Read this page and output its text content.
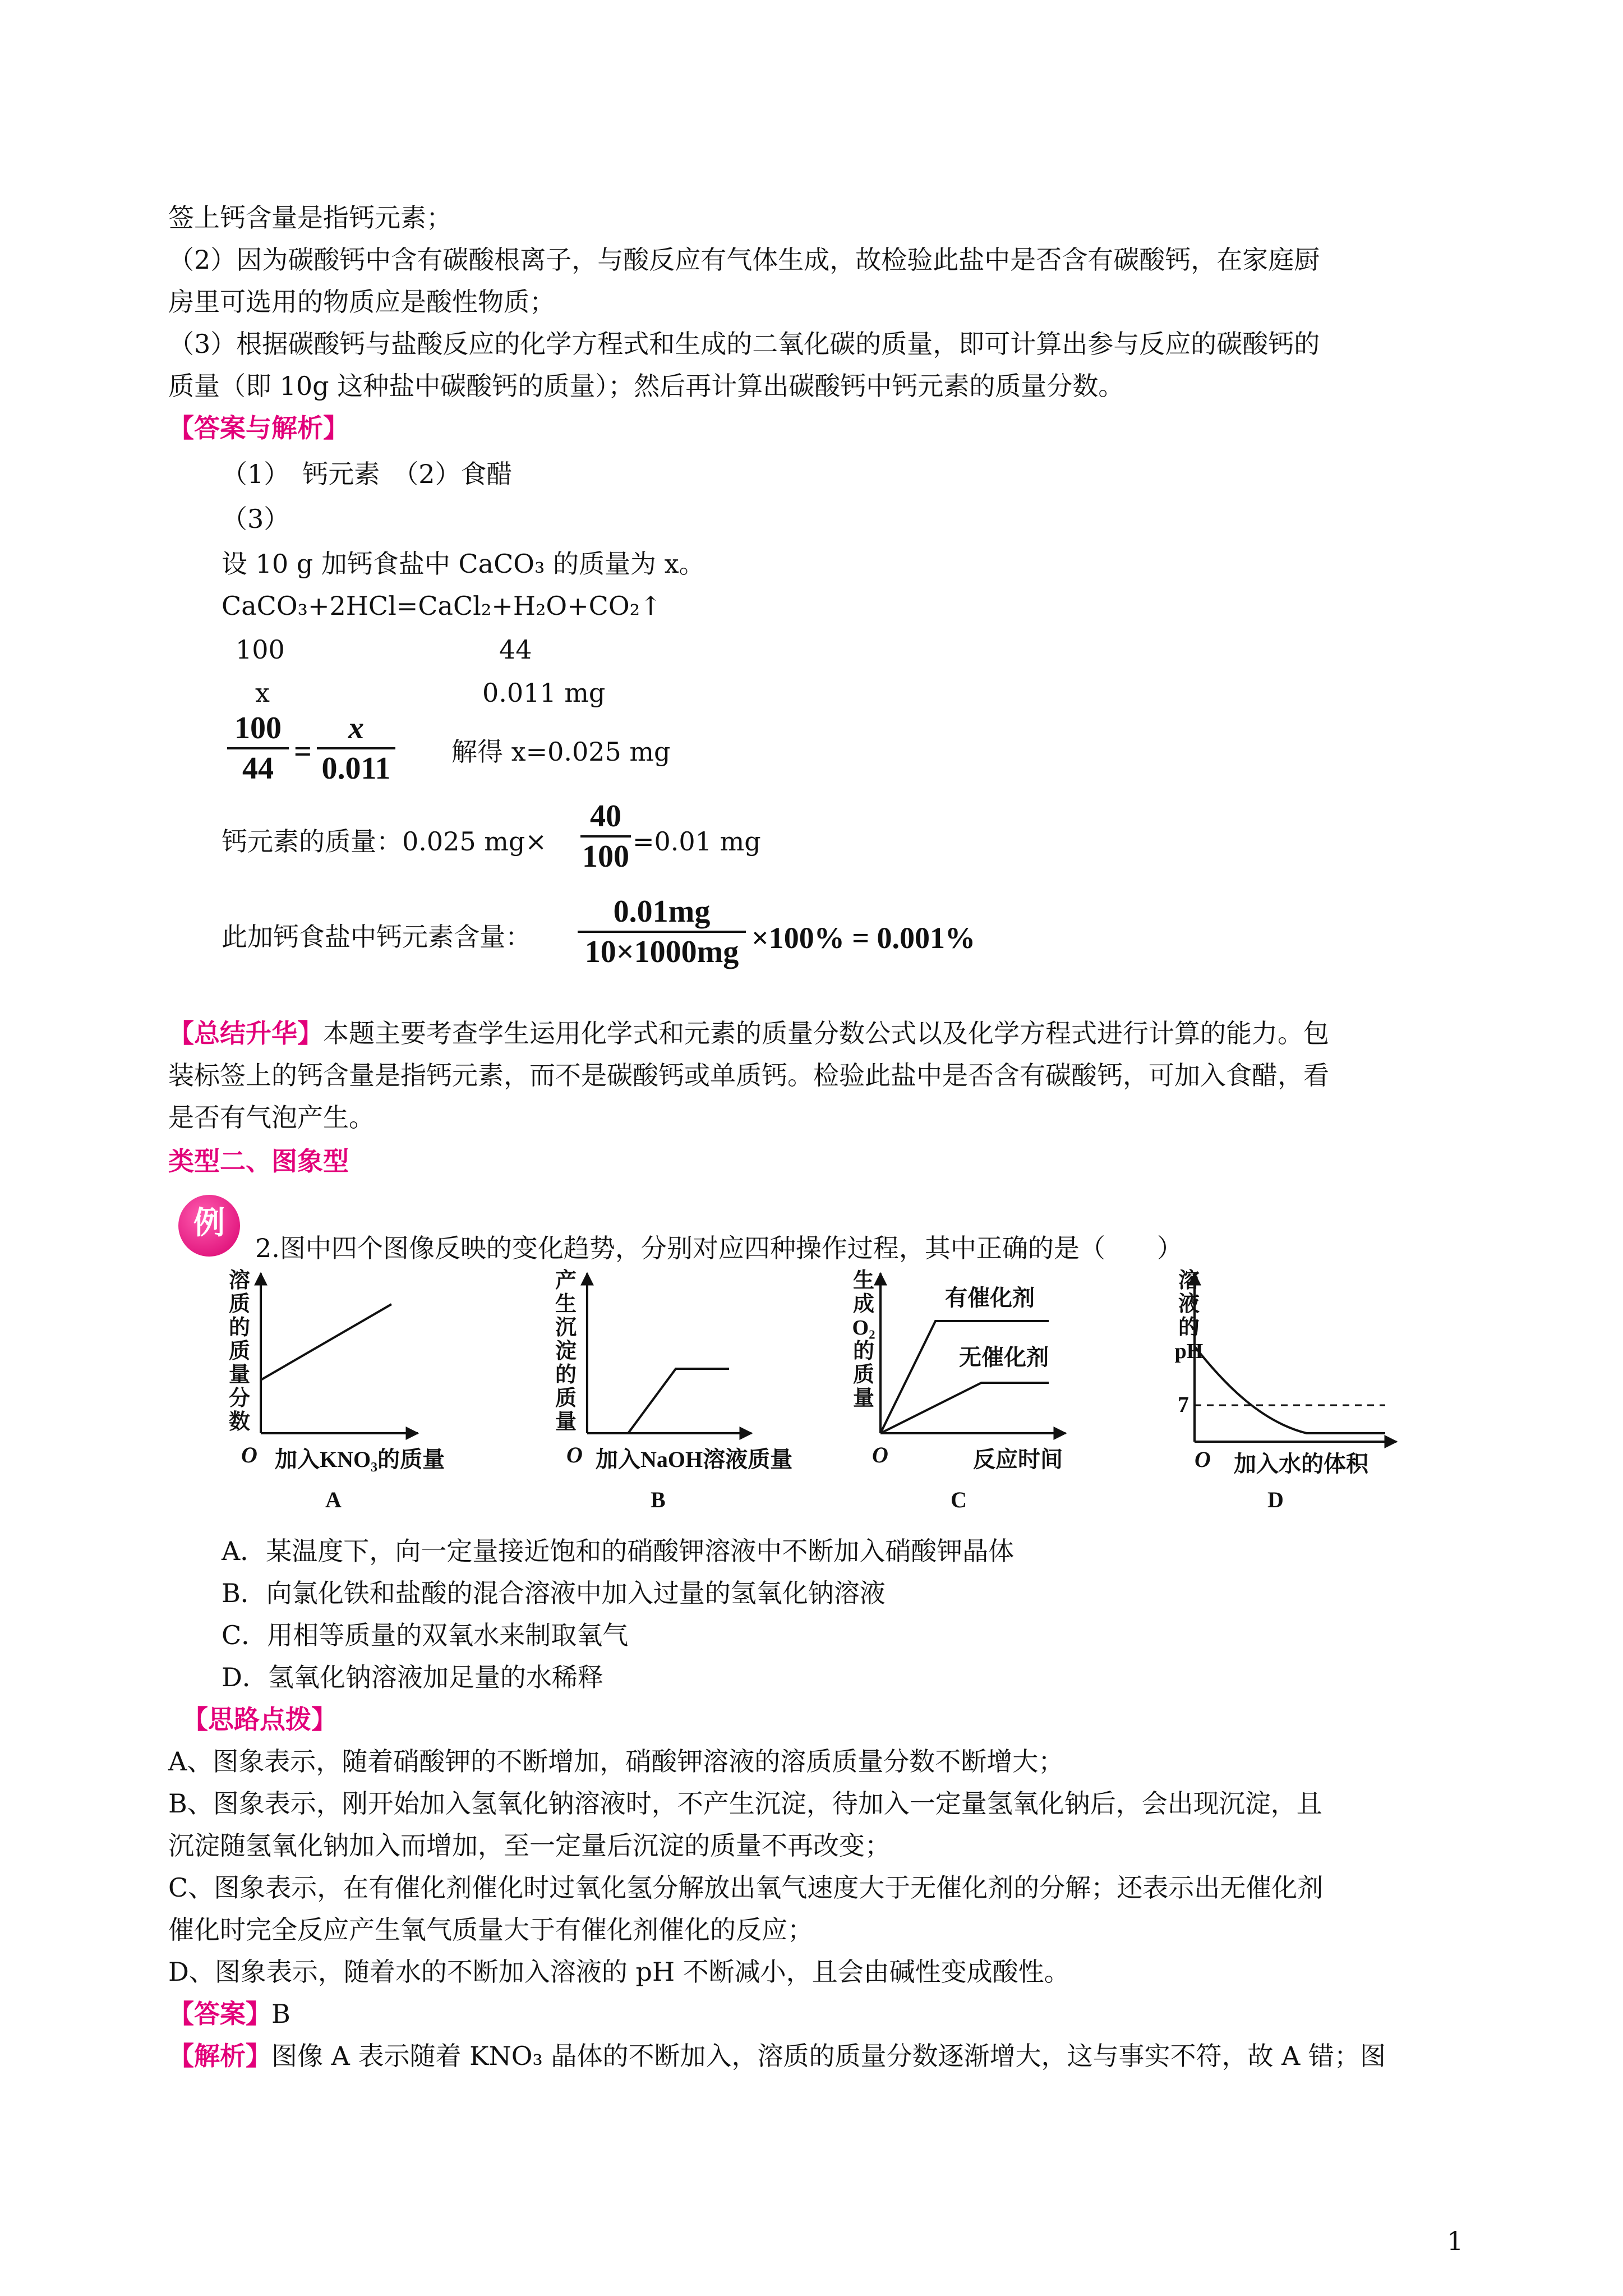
签上钙含量是指钙元素；
（2）因为碳酸钙中含有碳酸根离子，与酸反应有气体生成，故检验此盐中是否含有碳酸钙，在家庭厨
房里可选用的物质应是酸性物质；
（3）根据碳酸钙与盐酸反应的化学方程式和生成的二氧化碳的质量，即可计算出参与反应的碳酸钙的
质量（即 10g 这种盐中碳酸钙的质量）；然后再计算出碳酸钙中钙元素的质量分数。
【答案与解析】
（1）　钙元素　（2）食醋
（3）
设 10 g 加钙食盐中 CaCO₃ 的质量为 x。
CaCO₃+2HCl=CaCl₂+H₂O+CO₂↑
100	44
x	0.011 mg
100
44 =
x
0.011 解得 x=0.025 mg
钙元素的质量：0.025 mg×
40
100 =0.01 mg
此加钙食盐中钙元素含量：
0.01mg
10×1000mg ×100% = 0.001%
【总结升华】本题主要考查学生运用化学式和元素的质量分数公式以及化学方程式进行计算的能力。包
装标签上的钙含量是指钙元素，而不是碳酸钙或单质钙。检验此盐中是否含有碳酸钙，可加入食醋，看
是否有气泡产生。
类型二、图象型
例
2.图中四个图像反映的变化趋势，分别对应四种操作过程，其中正确的是（　　）
溶
质
的
质
量
分
数
O 加入KNO₃的质量
A
产
生
沉
淀
的
质
量
O 加入NaOH溶液质量
B
生
成
O₂
的
质
量
有催化剂
无催化剂
O	反应时间
C
溶
液
的
pH
7
O 加入水的体积
D
A．某温度下，向一定量接近饱和的硝酸钾溶液中不断加入硝酸钾晶体
B．向氯化铁和盐酸的混合溶液中加入过量的氢氧化钠溶液
C．用相等质量的双氧水来制取氧气
D．氢氧化钠溶液加足量的水稀释
【思路点拨】
A、图象表示，随着硝酸钾的不断增加，硝酸钾溶液的溶质质量分数不断增大；
B、图象表示，刚开始加入氢氧化钠溶液时，不产生沉淀，待加入一定量氢氧化钠后，会出现沉淀，且
沉淀随氢氧化钠加入而增加，至一定量后沉淀的质量不再改变；
C、图象表示，在有催化剂催化时过氧化氢分解放出氧气速度大于无催化剂的分解；还表示出无催化剂
催化时完全反应产生氧气质量大于有催化剂催化的反应；
D、图象表示，随着水的不断加入溶液的 pH 不断减小，且会由碱性变成酸性。
【答案】B
【解析】图像 A 表示随着 KNO₃ 晶体的不断加入，溶质的质量分数逐渐增大，这与事实不符，故 A 错；图
1
